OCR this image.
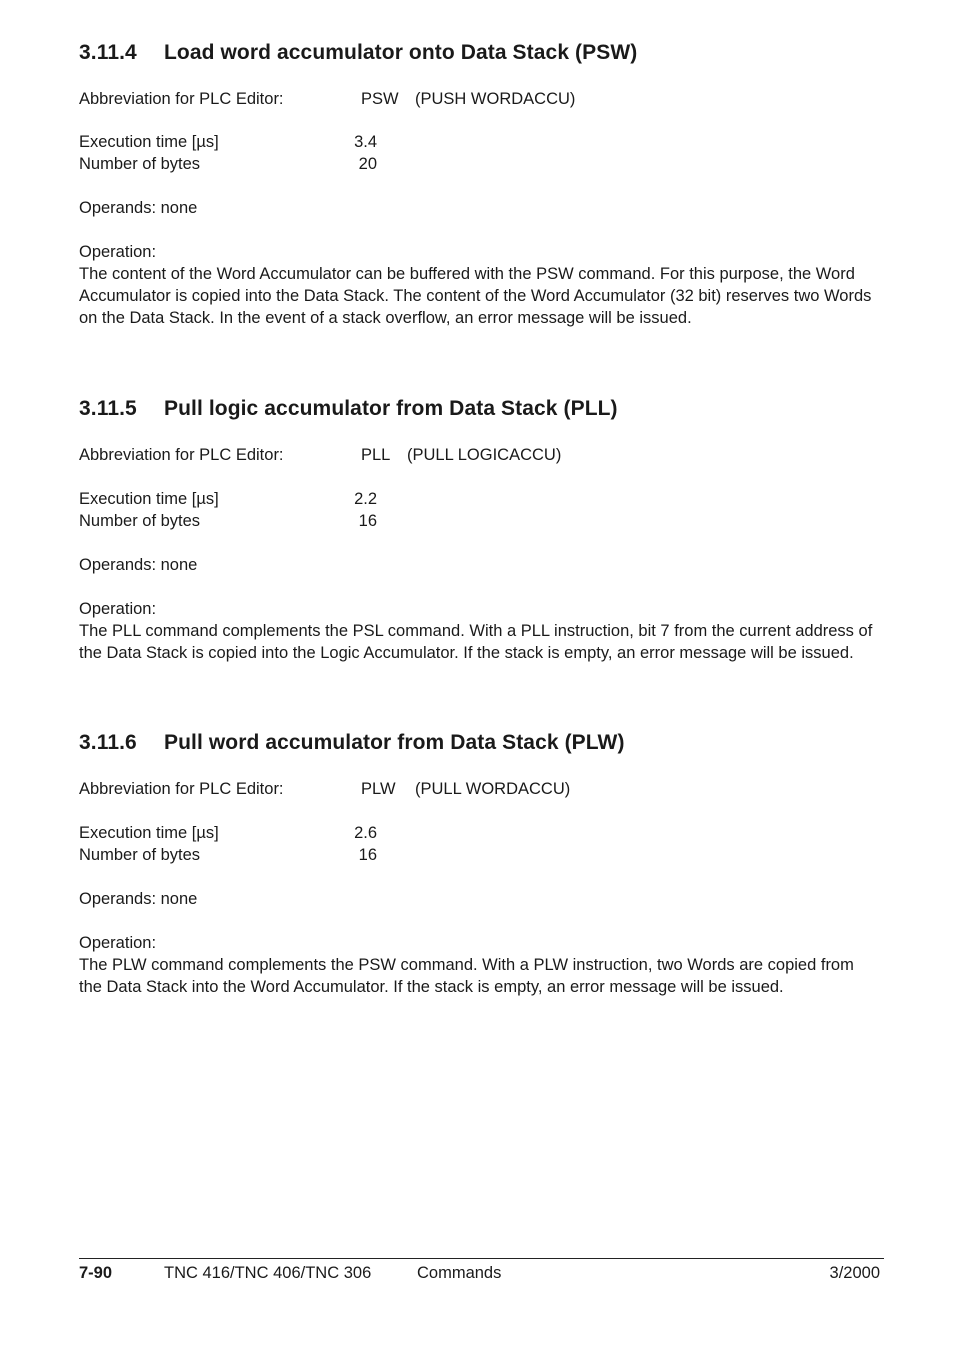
3.11.4 Load word accumulator onto Data Stack (PSW)

Abbreviation for PLC Editor:	PSW (PUSH WORDACCU)

Execution time [µs]	3.4

Number of bytes	20

Operands: none

Operation:

The content of the Word Accumulator can be buffered with the PSW command. For this purpose, the Word Accumulator is copied into the Data Stack. The content of the Word Accumulator (32 bit) reserves two Words on the Data Stack. In the event of a stack overflow, an error message will be issued.

3.11.5 Pull logic accumulator from Data Stack (PLL)

Abbreviation for PLC Editor:	PLL (PULL LOGICACCU)

Execution time [µs]	2.2

Number of bytes	16

Operands: none

Operation:

The PLL command complements the PSL command. With a PLL instruction, bit 7 from the current address of the Data Stack is copied into the Logic Accumulator. If the stack is empty, an error message will be issued.

3.11.6 Pull word accumulator from Data Stack (PLW)

Abbreviation for PLC Editor:	PLW (PULL WORDACCU)

Execution time [µs]	2.6

Number of bytes	16

Operands: none

Operation:

The PLW command complements the PSW command. With a PLW instruction, two Words are copied from the Data Stack into the Word Accumulator. If the stack is empty, an error message will be issued.

7-90	TNC 416/TNC 406/TNC 306	Commands	3/2000
